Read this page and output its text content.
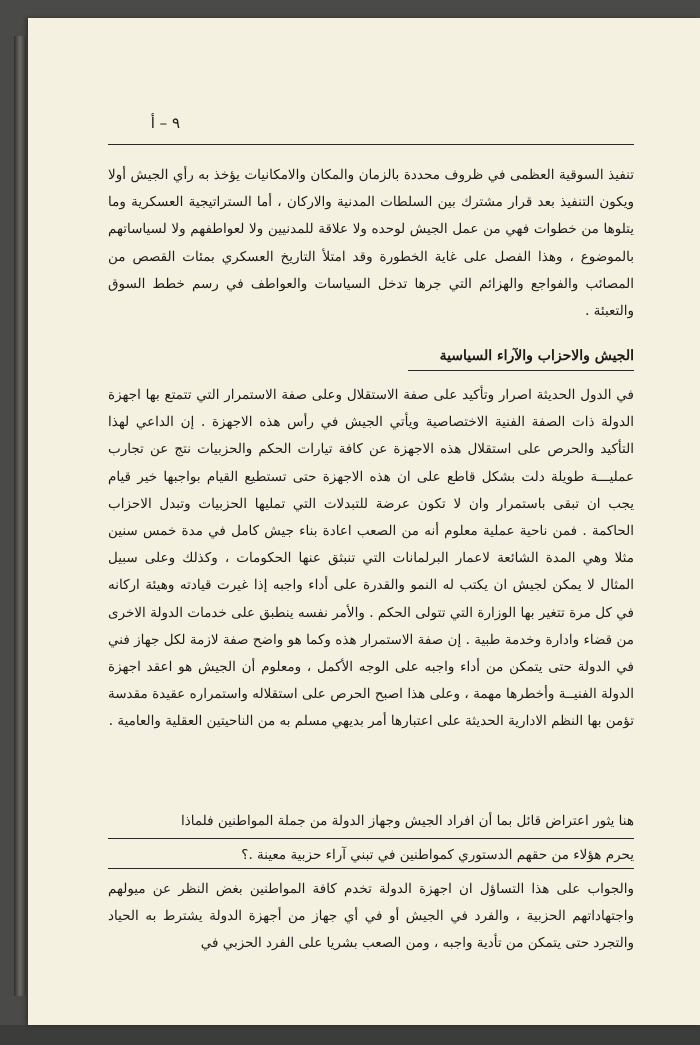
٩ – أ

تنفيذ السوقية العظمى في ظروف محددة بالزمان والمكان والامكانيات يؤخذ به رأي الجيش أولا ويكون التنفيذ بعد قرار مشترك بين السلطات المدنية والاركان ، أما الستراتيجية العسكرية وما يتلوها من خطوات فهي من عمل الجيش لوحده ولا علاقة للمدنيين ولا لعواطفهم ولا لسياساتهم بالموضوع ، وهذا الفصل على غاية الخطورة وقد امتلأ التاريخ العسكري بمئات القصص من المصائب والفواجع والهزائم التي جرها تدخل السياسات والعواطف في رسم خطط السوق والتعبئة .

الجيش والاحزاب والآراء السياسية

في الدول الحديثة اصرار وتأكيد على صفة الاستقلال وعلى صفة الاستمرار التي تتمتع بها اجهزة الدولة ذات الصفة الفنية الاختصاصية ويأتي الجيش في رأس هذه الاجهزة . إن الداعي لهذا التأكيد والحرص على استقلال هذه الاجهزة عن كافة تيارات الحكم والحزبيات نتج عن تجارب عمليـــة طويلة دلت بشكل قاطع على ان هذه الاجهزة حتى تستطيع القيام بواجبها خير قيام يجب ان تبقى باستمرار وان لا تكون عرضة للتبدلات التي تمليها الحزبيات وتبدل الاحزاب الحاكمة . فمن ناحية عملية معلوم أنه من الصعب اعادة بناء جيش كامل في مدة خمس سنين مثلا وهي المدة الشائعة لاعمار البرلمانات التي تنبثق عنها الحكومات ، وكذلك وعلى سبيل المثال لا يمكن لجيش ان يكتب له النمو والقدرة على أداء واجبه إذا غيرت قيادته وهيئة اركانه في كل مرة تتغير بها الوزارة التي تتولى الحكم . والأمر نفسه ينطبق على خدمات الدولة الاخرى من قضاء وادارة وخدمة طبية . إن صفة الاستمرار هذه وكما هو واضح صفة لازمة لكل جهاز فني في الدولة حتى يتمكن من أداء واجبه على الوجه الأكمل ، ومعلوم أن الجيش هو اعقد اجهزة الدولة الفنيــة وأخطرها مهمة ، وعلى هذا اصبح الحرص على استقلاله واستمراره عقيدة مقدسة تؤمن بها النظم الادارية الحديثة على اعتبارها أمر بديهي مسلم به من الناحيتين العقلية والعامية .

هنا يثور اعتراض قائل بما أن افراد الجيش وجهاز الدولة من جملة المواطنين فلماذا

يحرم هؤلاء من حقهم الدستوري كمواطنين في تبني آراء حزبية معينة .؟

والجواب على هذا التساؤل ان اجهزة الدولة تخدم كافة المواطنين بغض النظر عن ميولهم واجتهاداتهم الحزبية ، والفرد في الجيش أو في أي جهاز من أجهزة الدولة يشترط به الحياد والتجرد حتى يتمكن من تأدية واجبه ، ومن الصعب بشريا على الفرد الحزبي في
